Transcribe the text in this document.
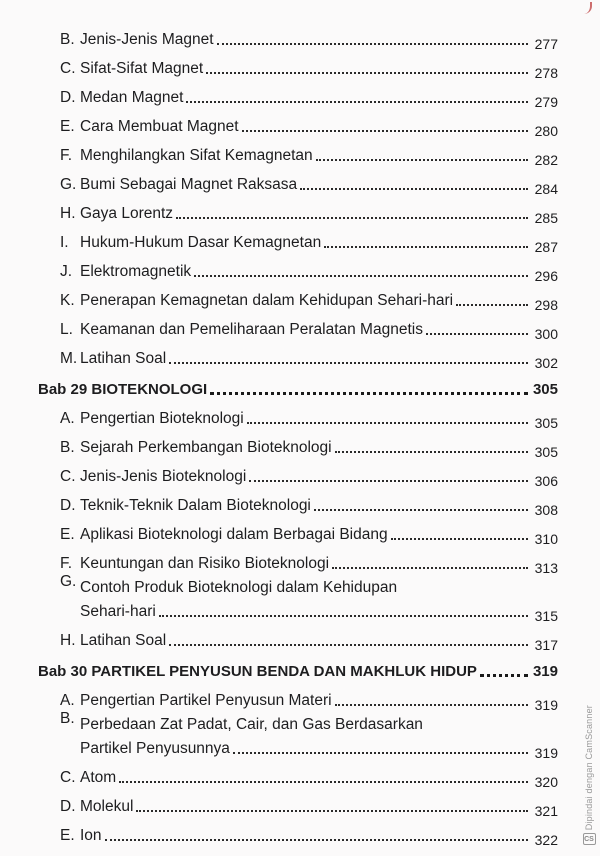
B. Jenis-Jenis Magnet	277
C. Sifat-Sifat Magnet	278
D. Medan Magnet	279
E. Cara Membuat Magnet	280
F. Menghilangkan Sifat Kemagnetan	282
G. Bumi Sebagai Magnet Raksasa	284
H. Gaya Lorentz	285
I. Hukum-Hukum Dasar Kemagnetan	287
J. Elektromagnetik	296
K. Penerapan Kemagnetan dalam Kehidupan Sehari-hari	298
L. Keamanan dan Pemeliharaan Peralatan Magnetis	300
M. Latihan Soal	302
Bab 29 BIOTEKNOLOGI	305
A. Pengertian Bioteknologi	305
B. Sejarah Perkembangan Bioteknologi	305
C. Jenis-Jenis Bioteknologi	306
D. Teknik-Teknik Dalam Bioteknologi	308
E. Aplikasi Bioteknologi dalam Berbagai Bidang	310
F. Keuntungan dan Risiko Bioteknologi	313
G. Contoh Produk Bioteknologi dalam Kehidupan
Sehari-hari	315
H. Latihan Soal	317
Bab 30 PARTIKEL PENYUSUN BENDA DAN MAKHLUK HIDUP	319
A. Pengertian Partikel Penyusun Materi	319
B. Perbedaan Zat Padat, Cair, dan Gas Berdasarkan
Partikel Penyusunnya	319
C. Atom	320
D. Molekul	321
E. Ion	322
Dipindai dengan CamScanner
CS
